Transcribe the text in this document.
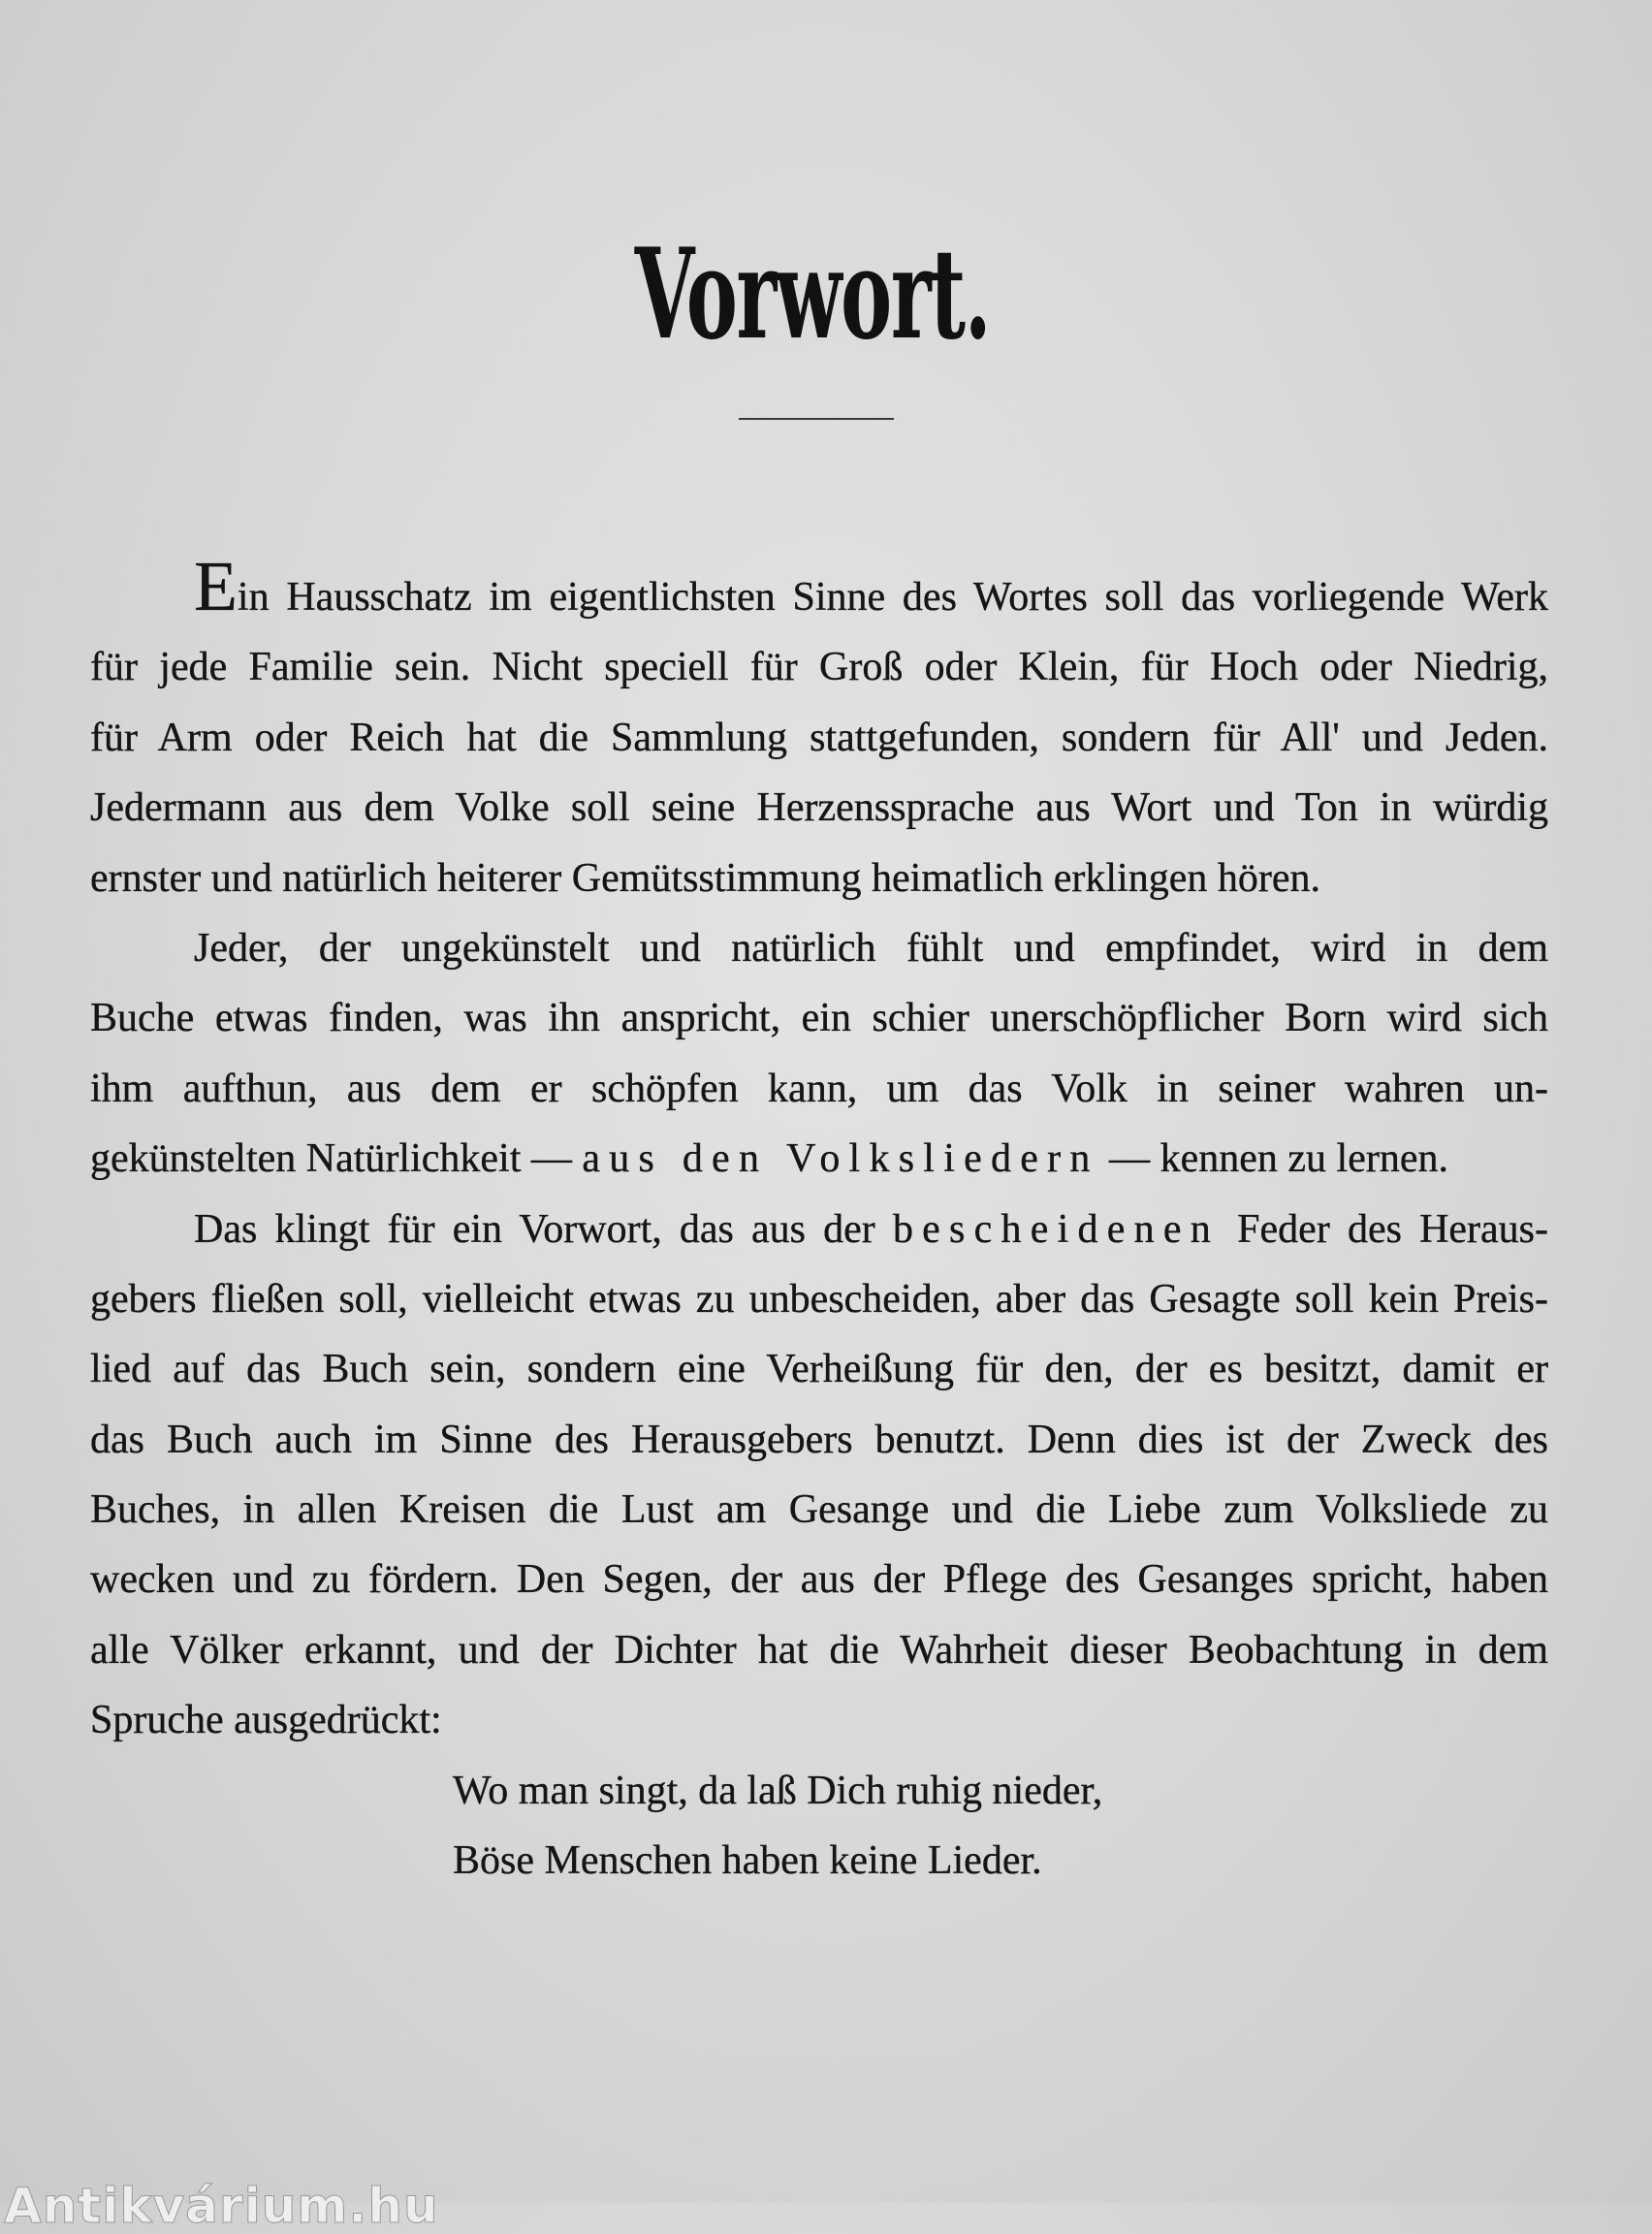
Vorwort.
Ein Hausschatz im eigentlichsten Sinne des Wortes soll das vorliegende Werk
für jede Familie sein. Nicht speciell für Groß oder Klein, für Hoch oder Niedrig,
für Arm oder Reich hat die Sammlung stattgefunden, sondern für All' und Jeden.
Jedermann aus dem Volke soll seine Herzenssprache aus Wort und Ton in würdig
ernster und natürlich heiterer Gemütsstimmung heimatlich erklingen hören.
Jeder, der ungekünstelt und natürlich fühlt und empfindet, wird in dem
Buche etwas finden, was ihn anspricht, ein schier unerschöpflicher Born wird sich
ihm aufthun, aus dem er schöpfen kann, um das Volk in seiner wahren un-
gekünstelten Natürlichkeit — aus den Volksliedern — kennen zu lernen.
Das klingt für ein Vorwort, das aus der bescheidenen Feder des Heraus-
gebers fließen soll, vielleicht etwas zu unbescheiden, aber das Gesagte soll kein Preis-
lied auf das Buch sein, sondern eine Verheißung für den, der es besitzt, damit er
das Buch auch im Sinne des Herausgebers benutzt. Denn dies ist der Zweck des
Buches, in allen Kreisen die Lust am Gesange und die Liebe zum Volksliede zu
wecken und zu fördern. Den Segen, der aus der Pflege des Gesanges spricht, haben
alle Völker erkannt, und der Dichter hat die Wahrheit dieser Beobachtung in dem
Spruche ausgedrückt:
Wo man singt, da laß Dich ruhig nieder,
Böse Menschen haben keine Lieder.
Antikvárium.hu
